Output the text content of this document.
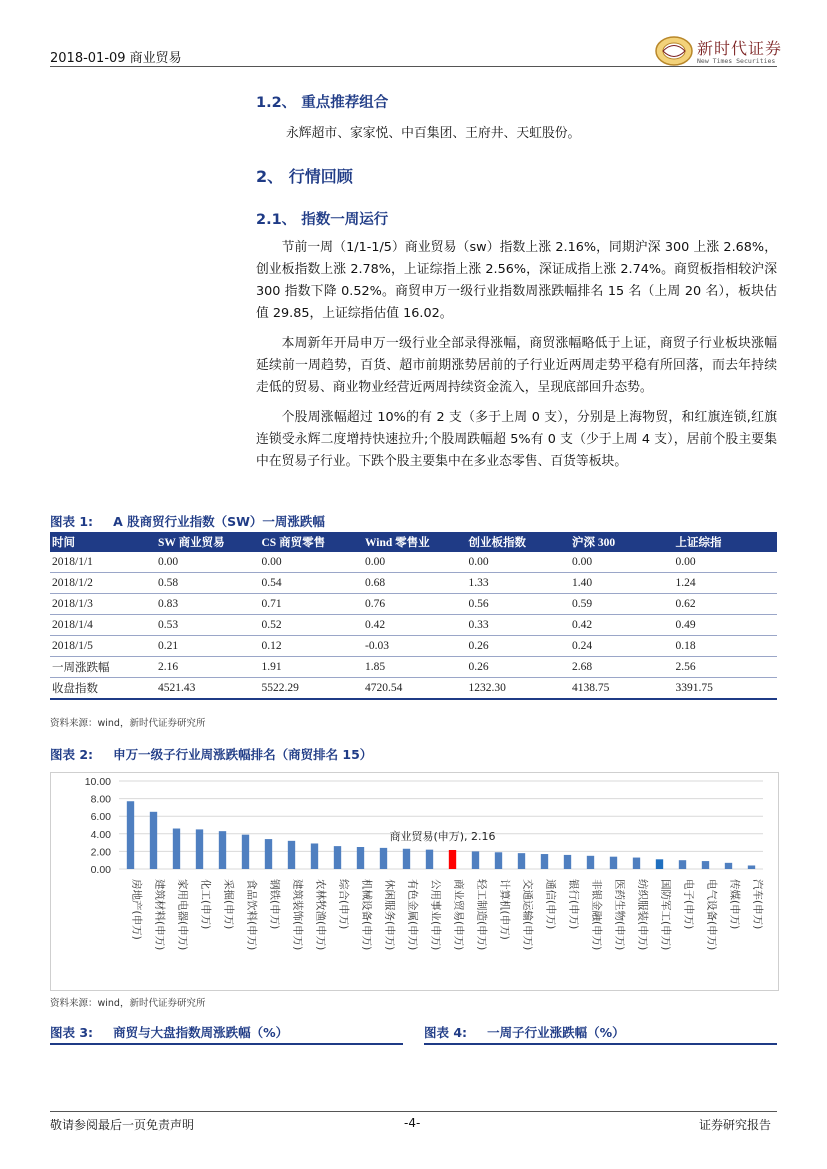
2018-01-09 商业贸易
新时代证券
New Times Securities
1.2、 重点推荐组合
永辉超市、家家悦、中百集团、王府井、天虹股份。
2、 行情回顾
2.1、 指数一周运行

节前一周（1/1-1/5）商业贸易（sw）指数上涨 2.16%，同期沪深 300 上涨 2.68%，创业板指数上涨 2.78%，上证综指上涨 2.56%，深证成指上涨 2.74%。商贸板指相较沪深 300 指数下降 0.52%。商贸申万一级行业指数周涨跌幅排名 15 名（上周 20 名），板块估值 29.85，上证综指估值 16.02。

本周新年开局申万一级行业全部录得涨幅，商贸涨幅略低于上证，商贸子行业板块涨幅延续前一周趋势，百货、超市前期涨势居前的子行业近两周走势平稳有所回落，而去年持续走低的贸易、商业物业经营近两周持续资金流入，呈现底部回升态势。

个股周涨幅超过 10%的有 2 支（多于上周 0 支），分别是上海物贸，和红旗连锁,红旗连锁受永辉二度增持快速拉升;个股周跌幅超 5%有 0 支（少于上周 4 支），居前个股主要集中在贸易子行业。下跌个股主要集中在多业态零售、百货等板块。

图表 1: A 股商贸行业指数（SW）一周涨跌幅
时间	SW 商业贸易	CS 商贸零售	Wind 零售业	创业板指数	沪深 300	上证综指
2018/1/1	0.00	0.00	0.00	0.00	0.00	0.00
2018/1/2	0.58	0.54	0.68	1.33	1.40	1.24
2018/1/3	0.83	0.71	0.76	0.56	0.59	0.62
2018/1/4	0.53	0.52	0.42	0.33	0.42	0.49
2018/1/5	0.21	0.12	-0.03	0.26	0.24	0.18
一周涨跌幅	2.16	1.91	1.85	0.26	2.68	2.56
收盘指数	4521.43	5522.29	4720.54	1232.30	4138.75	3391.75
资料来源：wind，新时代证券研究所
图表 2: 申万一级子行业周涨跌幅排名（商贸排名 15）
0.00
2.00
4.00
6.00
8.00
10.00
房地产(申万) 建筑材料(申万) 家用电器(申万) 化工(申万) 采掘(申万) 食品饮料(申万) 钢铁(申万) 建筑装饰(申万) 农林牧渔(申万) 综合(申万) 机械设备(申万) 休闲服务(申万) 有色金属(申万) 公用事业(申万) 商业贸易(申万) 轻工制造(申万) 计算机(申万) 交通运输(申万) 通信(申万) 银行(申万) 非银金融(申万) 医药生物(申万) 纺织服装(申万) 国防军工(申万) 电子(申万) 电气设备(申万) 传媒(申万) 汽车(申万)
商业贸易(申万), 2.16
资料来源：wind，新时代证券研究所
图表 3: 商贸与大盘指数周涨跌幅（%）	图表 4: 一周子行业涨跌幅（%）
敬请参阅最后一页免责声明	-4-	证券研究报告
